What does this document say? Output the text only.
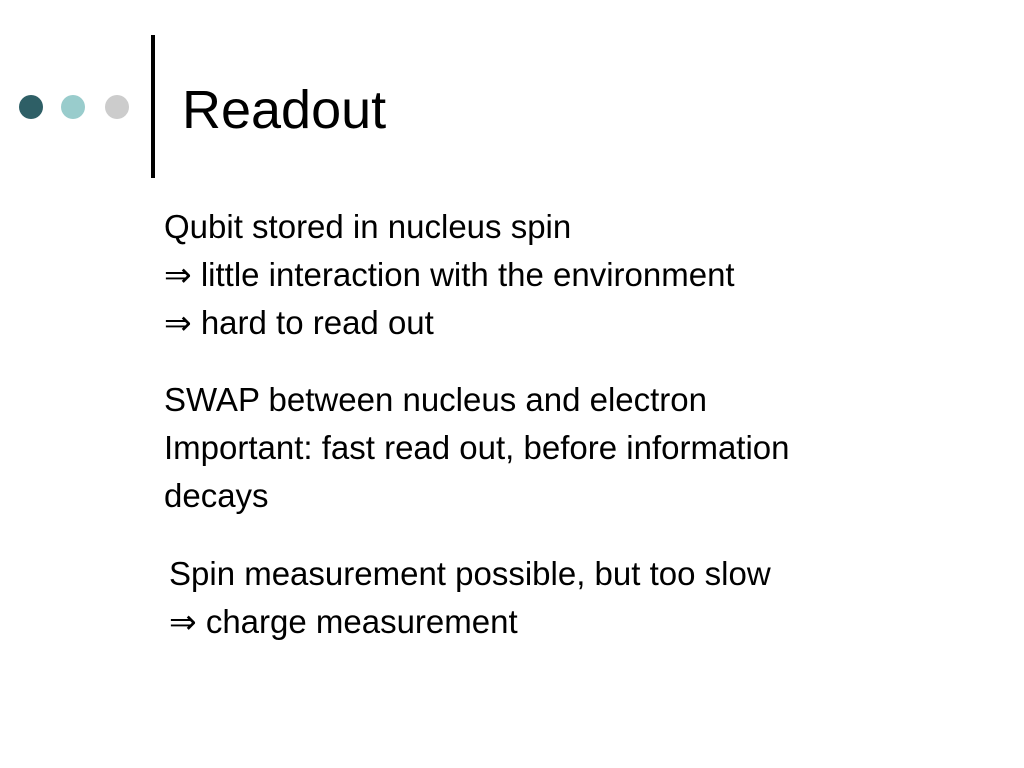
Readout
Qubit stored in nucleus spin
⇒ little interaction with the environment
⇒ hard to read out
SWAP between nucleus and electron
Important: fast read out, before information
decays
Spin measurement possible, but too slow
⇒ charge measurement
